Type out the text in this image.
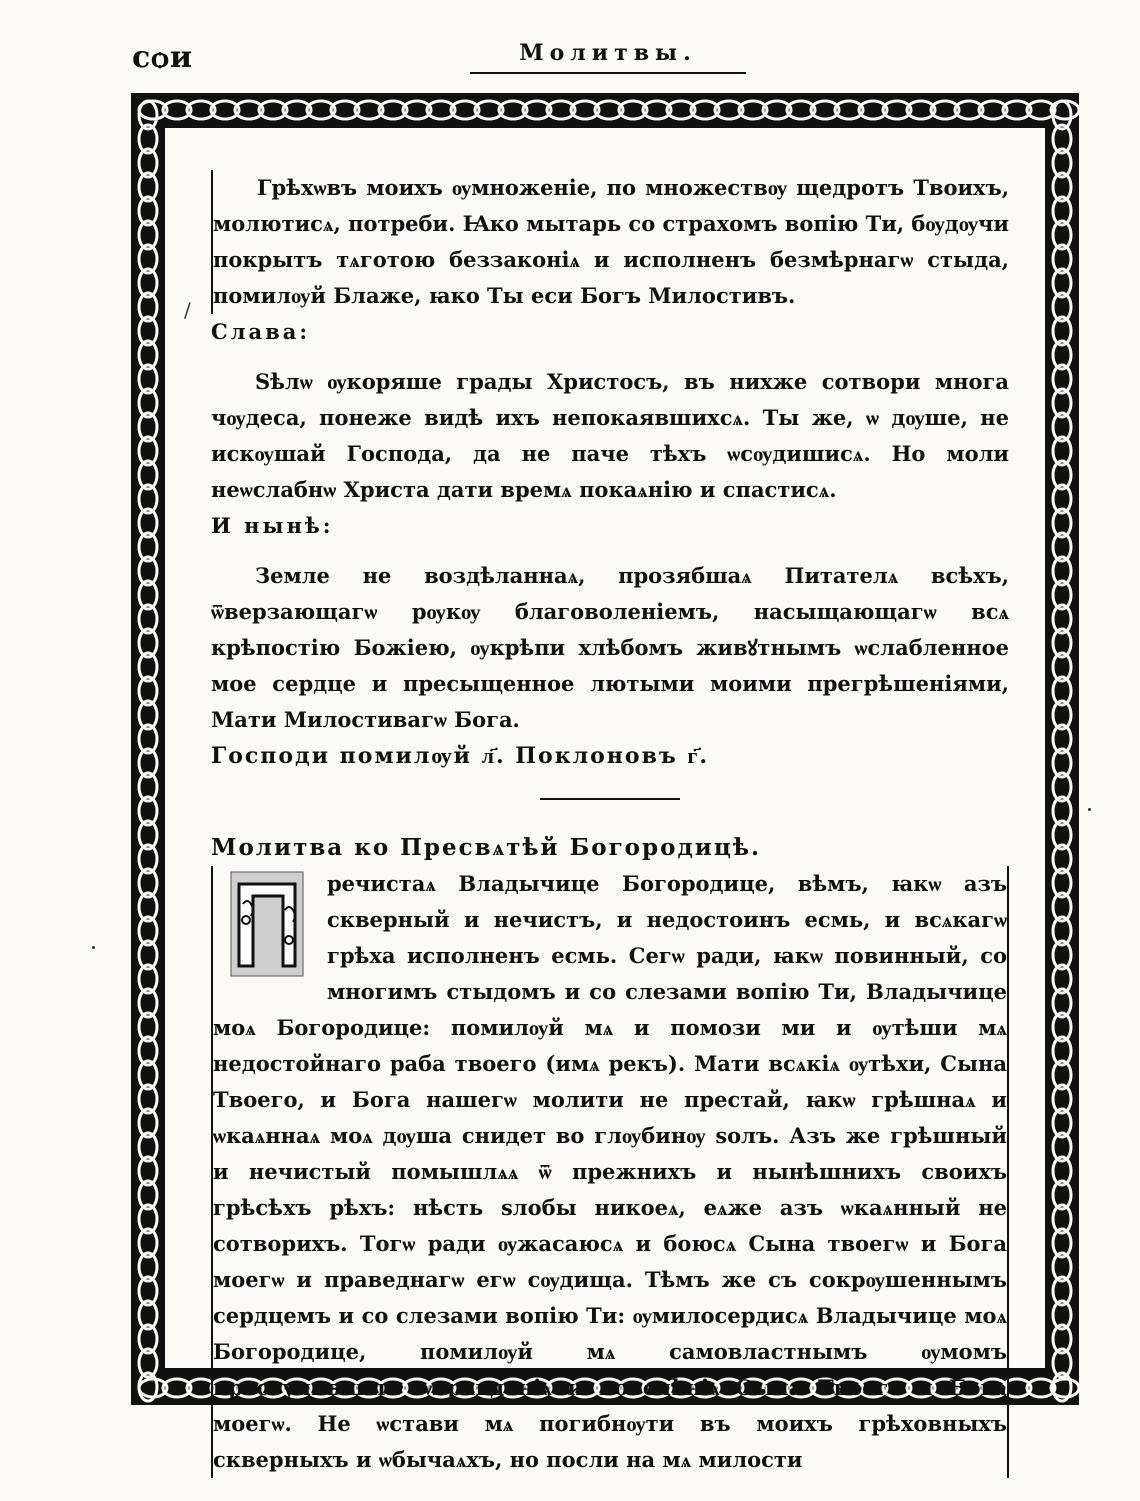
сѻи	Молитвы.
/

Грѣхѡвъ моихъ ѹмноженіе, по множествѹ щедротъ Твоихъ, молютисѧ, потреби. Ꙗко мытарь со страхомъ вопію Ти, бѹдѹчи покрытъ тѧготою беззаконіѧ и исполненъ безмѣрнагѡ стыда, помилѹй Блаже, ꙗко Ты еси Богъ Милостивъ.

Слава:

Ѕѣлѡ ѹкоряше грады Христосъ, въ нихже сотвори многа чѹдеса, понеже видѣ ихъ непокаявшихсѧ. Ты же, ѡ дѹше, не искѹшай Господа, да не паче тѣхъ ѡсѹдишисѧ. Но моли неѡслабнѡ Христа дати времѧ покаѧнію и спастисѧ.

И нынѣ:

Земле не воздѣланнаѧ, прозябшаѧ Питателѧ всѣхъ, ѿверзающагѡ рѹкѹ благоволеніемъ, насыщающагѡ всѧ крѣпостію Божіею, ѹкрѣпи хлѣбомъ живꙋтнымъ ѡслабленное мое сердце и пресыщенное лютыми моими прегрѣшеніями, Мати Милостивагѡ Бога.

Господи помилѹй л҃. Поклоновъ г҃.

Молитва ко Пресвѧтѣй Богородицѣ.

речистаѧ Владычице Богородице, вѣмъ, ꙗкѡ азъ скверный и нечистъ, и недостоинъ есмь, и всѧкагѡ грѣха исполненъ есмь. Сегѡ ради, ꙗкѡ повинный, со многимъ стыдомъ и со слезами вопію Ти, Владычице моѧ Богородице: помилѹй мѧ и помози ми и ѹтѣши мѧ недостойнаго раба твоего (имѧ рекъ). Мати всѧкіѧ ѹтѣхи, Сына Твоего, и Бога нашегѡ молити не престай, ꙗкѡ грѣшнаѧ и ѡкаѧннаѧ моѧ дѹша снидет во глѹбинѹ ѕолъ. Азъ же грѣшный и нечистый помышлѧѧ ѿ прежнихъ и нынѣшнихъ своихъ грѣсѣхъ рѣхъ: нѣсть ѕлобы никоеѧ, еѧже азъ ѡкаѧнный не сотворихъ. Тогѡ ради ѹжасаюсѧ и боюсѧ Сына твоегѡ и Бога моегѡ и праведнагѡ егѡ сѹдища. Тѣмъ же съ сокрѹшеннымъ сердцемъ и со слезами вопію Ти: ѹмилосердисѧ Владычице моѧ Богородице, помилѹй мѧ самовластнымъ ѹмомъ преступившагѡ ѡправданіѧ и повелѣніѧ Сына Твоегѡ и Бога моегѡ. Не ѡстави мѧ погибнѹти въ моихъ грѣховныхъ скверныхъ и ѡбычаѧхъ, но посли на мѧ милости
